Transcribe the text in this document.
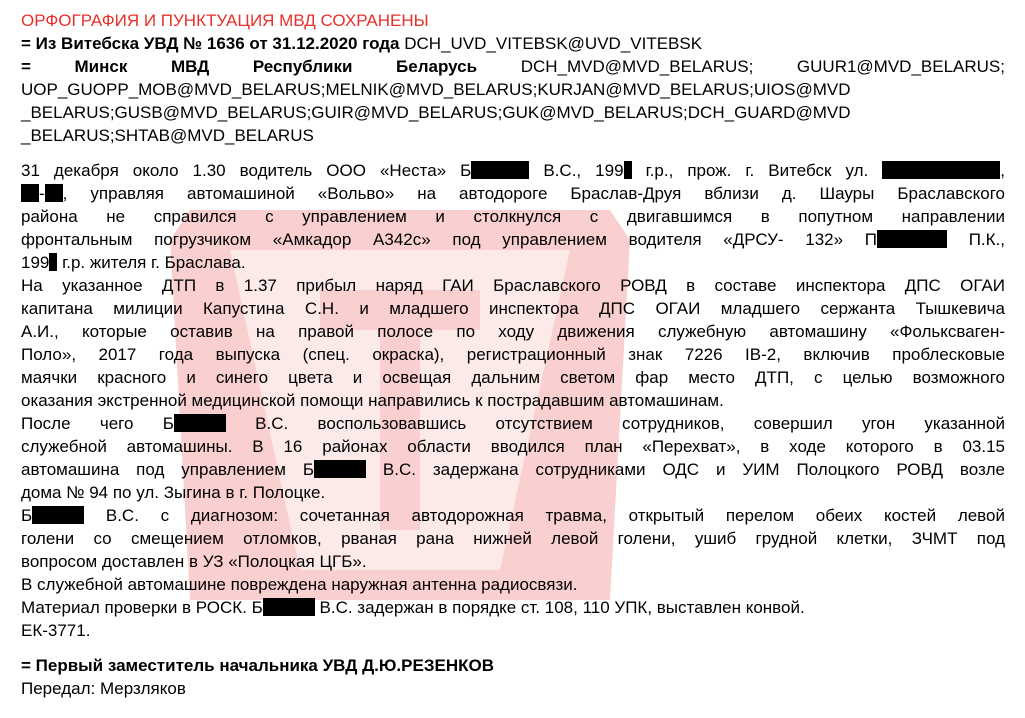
ОРФОГРАФИЯ И ПУНКТУАЦИЯ МВД СОХРАНЕНЫ
= Из Витебска УВД № 1636 от 31.12.2020 года DCH_UVD_VITEBSK@UVD_VITEBSK
= Минск МВД Республики Беларусь	DCH_MVD@MVD_BELARUS; GUUR1@MVD_BELARUS;
UOP_GUOPP_MOB@MVD_BELARUS;MELNIK@MVD_BELARUS;KURJAN@MVD_BELARUS;UIOS@MVD
_BELARUS;GUSB@MVD_BELARUS;GUIR@MVD_BELARUS;GUK@MVD_BELARUS;DCH_GUARD@MVD
_BELARUS;SHTAB@MVD_BELARUS
31 декабря около 1.30 водитель ООО «Неста» Б	В.С., 199 г.р., прож. г. Витебск ул.	,
- , управляя автомашиной «Вольво» на автодороге Браслав-Друя вблизи д. Шауры Браславского
района не справился с управлением и столкнулся с двигавшимся в попутном направлении
фронтальным погрузчиком «Амкадор А342с» под управлением водителя «ДРСУ- 132» П	П.К.,
199 г.р. жителя г. Браслава.
На указанное ДТП в 1.37 прибыл наряд ГАИ Браславского РОВД в составе инспектора ДПС ОГАИ
капитана милиции Капустина С.Н. и младшего инспектора ДПС ОГАИ младшего сержанта Тышкевича
А.И., которые оставив на правой полосе по ходу движения служебную автомашину «Фольксваген-
Поло», 2017 года выпуска (спец. окраска), регистрационный знак 7226 IB-2, включив проблесковые
маячки красного и синего цвета и освещая дальним светом фар место ДТП, с целью возможного
оказания экстренной медицинской помощи направились к пострадавшим автомашинам.
После чего Б	В.С. воспользовавшись отсутствием сотрудников, совершил угон указанной
служебной автомашины. В 16 районах области вводился план «Перехват», в ходе которого в 03.15
автомашина под управлением Б	В.С. задержана сотрудниками ОДС и УИМ Полоцкого РОВД возле
дома № 94 по ул. Зыгина в г. Полоцке.
Б	В.С. с диагнозом: сочетанная автодорожная травма, открытый перелом обеих костей левой
голени со смещением отломков, рваная рана нижней левой голени, ушиб грудной клетки, ЗЧМТ под
вопросом доставлен в УЗ «Полоцкая ЦГБ».
В служебной автомашине повреждена наружная антенна радиосвязи.
Материал проверки в РОСК. Б	В.С. задержан в порядке ст. 108, 110 УПК, выставлен конвой.
ЕК-3771.
= Первый заместитель начальника УВД Д.Ю.РЕЗЕНКОВ
Передал: Мерзляков
